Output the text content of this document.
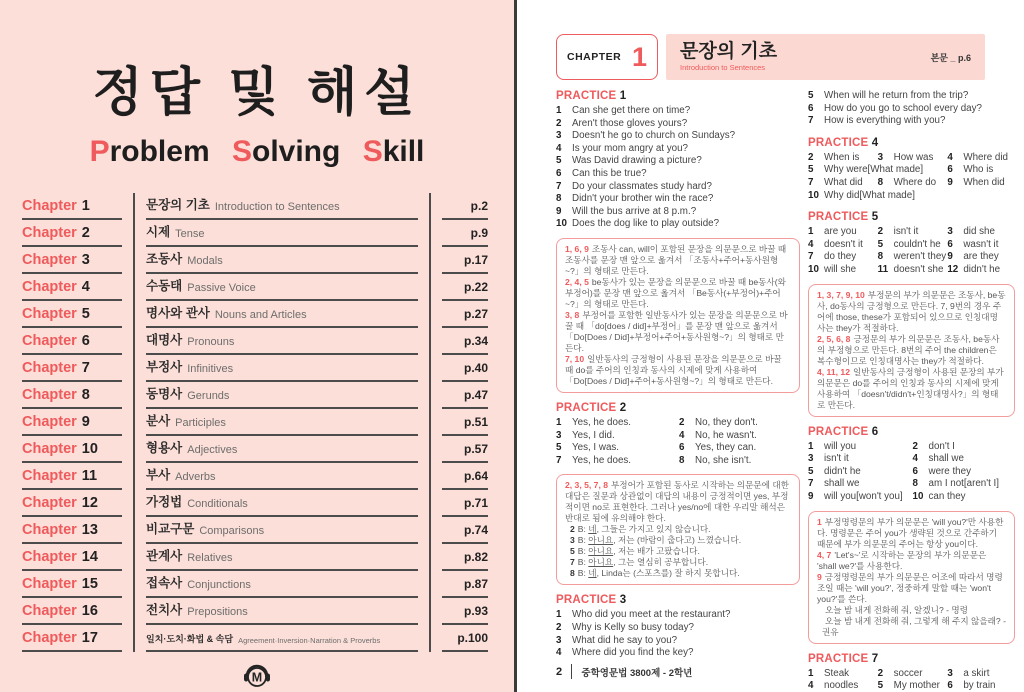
정답 및 해설
Problem Solving Skill
Chapter 1	문장의 기초 Introduction to Sentences	p.2
Chapter 2	시제 Tense	p.9
Chapter 3	조동사 Modals	p.17
Chapter 4	수동태 Passive Voice	p.22
Chapter 5	명사와 관사 Nouns and Articles	p.27
Chapter 6	대명사 Pronouns	p.34
Chapter 7	부정사 Infinitives	p.40
Chapter 8	동명사 Gerunds	p.47
Chapter 9	분사 Participles	p.51
Chapter 10	형용사 Adjectives	p.57
Chapter 11	부사 Adverbs	p.64
Chapter 12	가정법 Conditionals	p.71
Chapter 13	비교구문 Comparisons	p.74
Chapter 14	관계사 Relatives	p.82
Chapter 15	접속사 Conjunctions	p.87
Chapter 16	전치사 Prepositions	p.93
Chapter 17	일치·도치·화법 & 속담 Agreement·Inversion·Narration & Proverbs	p.100
M
CHAPTER 1 문장의 기초
Introduction to Sentences
본문 _ p.6
PRACTICE 1
1	Can she get there on time?
2	Aren't those gloves yours?
3	Doesn't he go to church on Sundays?
4	Is your mom angry at you?
5	Was David drawing a picture?
6	Can this be true?
7	Do your classmates study hard?
8	Didn't your brother win the race?
9	Will the bus arrive at 8 p.m.?
10 Does the dog like to play outside?

1, 6, 9 조동사 can, will이 포함된 문장을 의문문으로 바꿀 때 조동사를 문장 맨 앞으로 옮겨서 「조동사+주어+동사원형~?」의 형태로 만든다.

2, 4, 5 be동사가 있는 문장을 의문문으로 바꿀 때 be동사(와 부정어)를 문장 맨 앞으로 옮겨서 「Be동사(+부정어)+주어~?」의 형태로 만든다.

3, 8 부정어를 포함한 일반동사가 있는 문장을 의문문으로 바꿀 때 「do[does / did]+부정어」를 문장 맨 앞으로 옮겨서 「Do[Does / Did]+부정어+주어+동사원형~?」의 형태로 만든다.

7, 10 일반동사의 긍정형이 사용된 문장을 의문문으로 바꿀 때 do를 주어의 인칭과 동사의 시제에 맞게 사용하여 「Do[Does / Did]+주어+동사원형~?」의 형태로 만든다.

PRACTICE 2
1	Yes, he does.	2	No, they don't.
3	Yes, I did.	4	No, he wasn't.
5	Yes, I was.	6	Yes, they can.
7	Yes, he does.	8	No, she isn't.

2, 3, 5, 7, 8 부정어가 포함된 동사로 시작하는 의문문에 대한 대답은 질문과 상관없이 대답의 내용이 긍정적이면 yes, 부정적이면 no로 표현한다. 그러나 yes/no에 대한 우리말 해석은 반대로 됨에 유의해야 한다.

2 B: 네, 그들은 가지고 있지 않습니다.

3 B: 아니요, 저는 (바람이 춥다고) 느꼈습니다.

5 B: 아니요, 저는 배가 고팠습니다.

7 B: 아니요, 그는 열심히 공부합니다.

8 B: 네, Linda는 (스포츠를) 잘 하지 못합니다.

PRACTICE 3
1	Who did you meet at the restaurant?
2	Why is Kelly so busy today?
3	What did he say to you?
4	Where did you find the key?
5	When will he return from the trip?
6	How do you go to school every day?
7	How is everything with you?
PRACTICE 4
2	When is 3	How was 4	Where did
5	Why were[What made] 6	Who is
7	What did 8	Where do 9	When did
10 Why did[What made]
PRACTICE 5
1	are you 2	isn't it	3	did she
4	doesn't it 5	couldn't he 6	wasn't it
7	do they 8	weren't they 9	are they
10 will she 11 doesn't she 12 didn't he

1, 3, 7, 9, 10 부정문의 부가 의문문은 조동사, be동사, do동사의 긍정형으로 만든다. 7, 9번의 경우 주어에 those, these가 포함되어 있으므로 인칭대명사는 they가 적절하다.

2, 5, 6, 8 긍정문의 부가 의문문은 조동사, be동사의 부정형으로 만든다. 8번의 주어 the children은 복수형이므로 인칭대명사는 they가 적절하다.

4, 11, 12 일반동사의 긍정형이 사용된 문장의 부가 의문문은 do를 주어의 인칭과 동사의 시제에 맞게 사용하여 「doesn't/didn't+인칭대명사?」의 형태로 만든다.

PRACTICE 6
1	will you	2	don't I
3	isn't it	4	shall we
5	didn't he	6	were they
7	shall we	8	am I not[aren't I]
9	will you[won't you] 10 can they

1 부정명령문의 부가 의문문은 'will you?'만 사용한다. 명령문은 주어 you가 생략된 것으로 간주하기 때문에 부가 의문문의 주어는 항상 you이다.

4, 7 'Let's~'로 시작하는 문장의 부가 의문문은 'shall we?'를 사용한다.

9 긍정명령문의 부가 의문문은 어조에 따라서 명령조일 때는 'will you?', 정중하게 말할 때는 'won't you?'를 쓴다.

오늘 밤 내게 전화해 줘, 알겠니? - 명령

오늘 밤 내게 전화해 줘, 그렇게 해 주지 않을래? - 권유

PRACTICE 7
1	Steak	2	soccer	3	a skirt
4	noodles 5	My mother 6	by train
2 중학영문법 3800제 - 2학년
